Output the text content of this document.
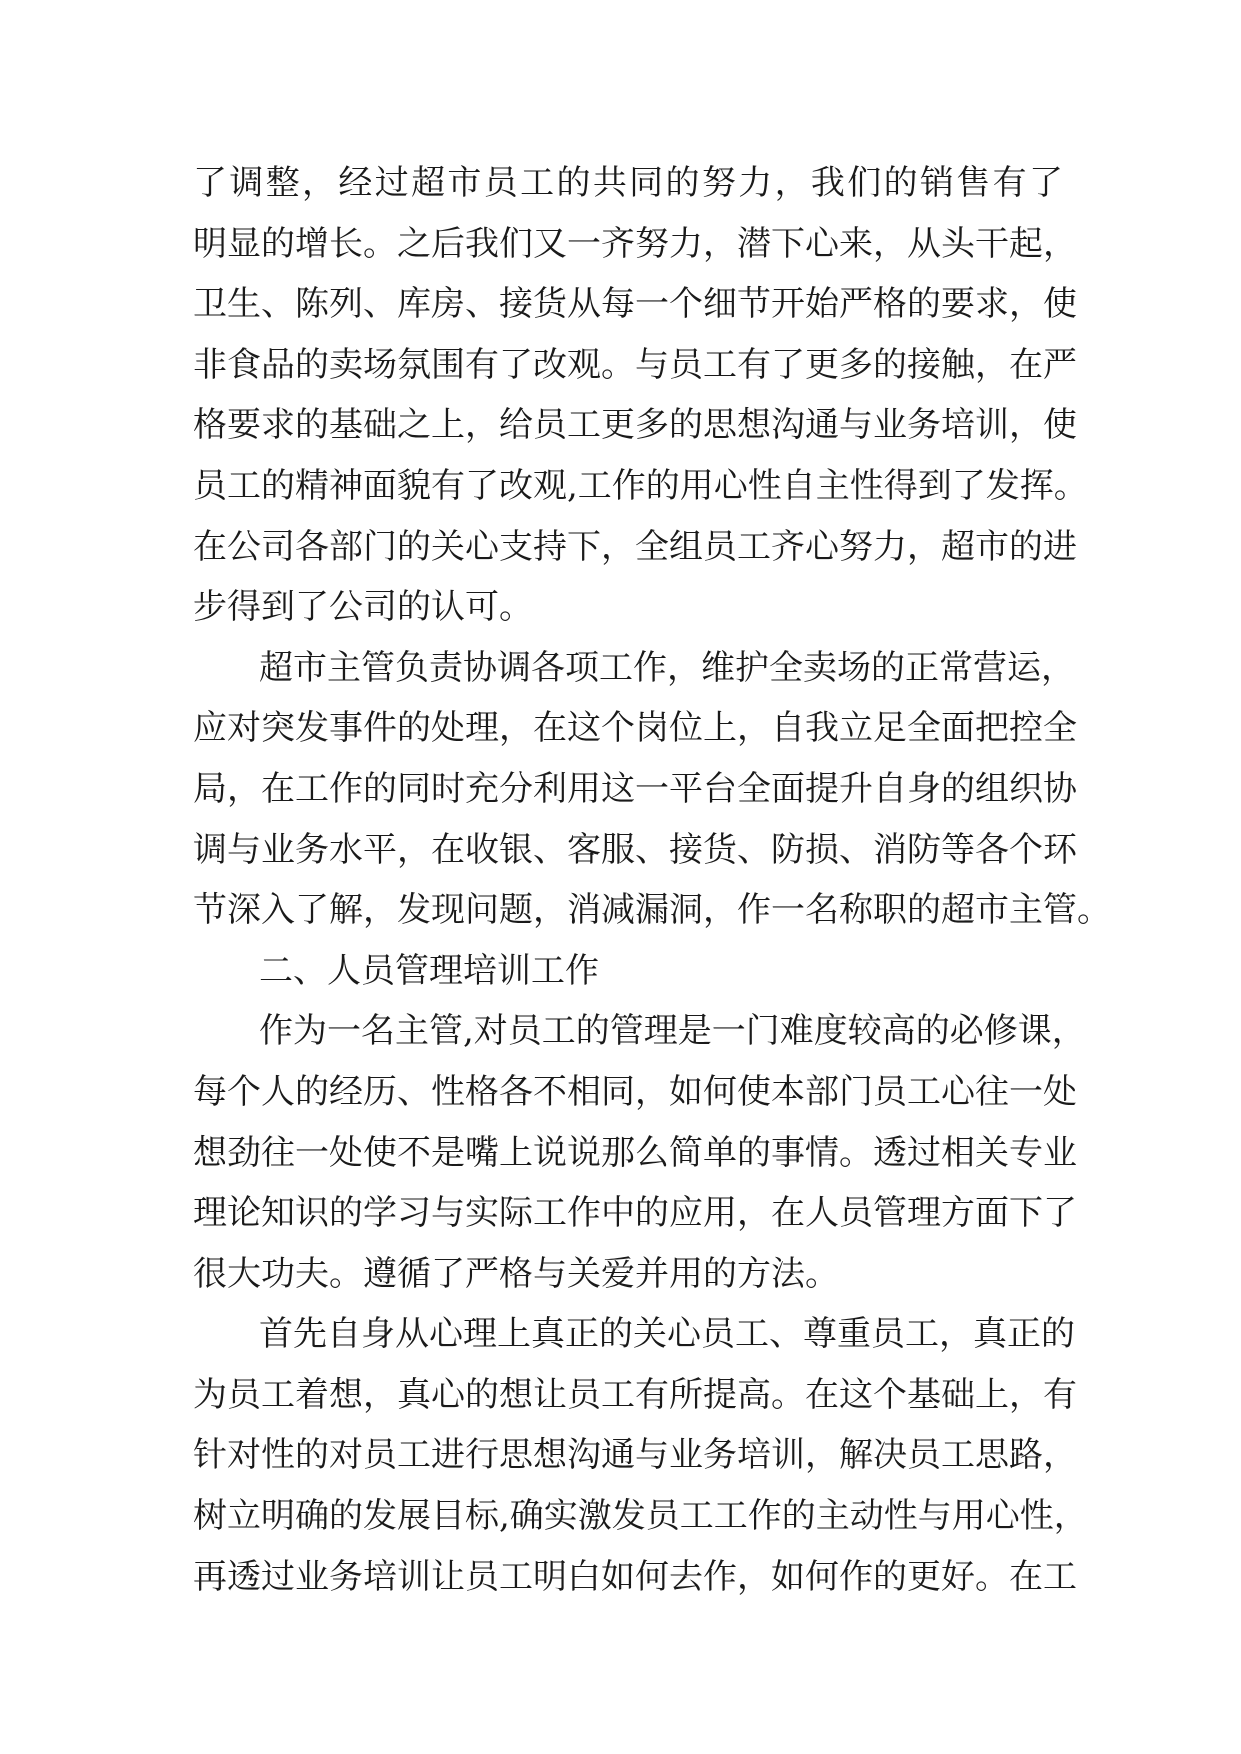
了调整，经过超市员工的共同的努力，我们的销售有了
明显的增长。之后我们又一齐努力，潜下心来，从头干起，
卫生、陈列、库房、接货从每一个细节开始严格的要求，使
非食品的卖场氛围有了改观。与员工有了更多的接触，在严
格要求的基础之上，给员工更多的思想沟通与业务培训，使
员工的精神面貌有了改观,工作的用心性自主性得到了发挥。
在公司各部门的关心支持下，全组员工齐心努力，超市的进
步得到了公司的认可。
超市主管负责协调各项工作，维护全卖场的正常营运，
应对突发事件的处理，在这个岗位上，自我立足全面把控全
局，在工作的同时充分利用这一平台全面提升自身的组织协
调与业务水平，在收银、客服、接货、防损、消防等各个环
节深入了解，发现问题，消减漏洞，作一名称职的超市主管。
二、人员管理培训工作
作为一名主管,对员工的管理是一门难度较高的必修课，
每个人的经历、性格各不相同，如何使本部门员工心往一处
想劲往一处使不是嘴上说说那么简单的事情。透过相关专业
理论知识的学习与实际工作中的应用，在人员管理方面下了
很大功夫。遵循了严格与关爱并用的方法。
首先自身从心理上真正的关心员工、尊重员工，真正的
为员工着想，真心的想让员工有所提高。在这个基础上，有
针对性的对员工进行思想沟通与业务培训，解决员工思路，
树立明确的发展目标,确实激发员工工作的主动性与用心性，
再透过业务培训让员工明白如何去作，如何作的更好。在工
